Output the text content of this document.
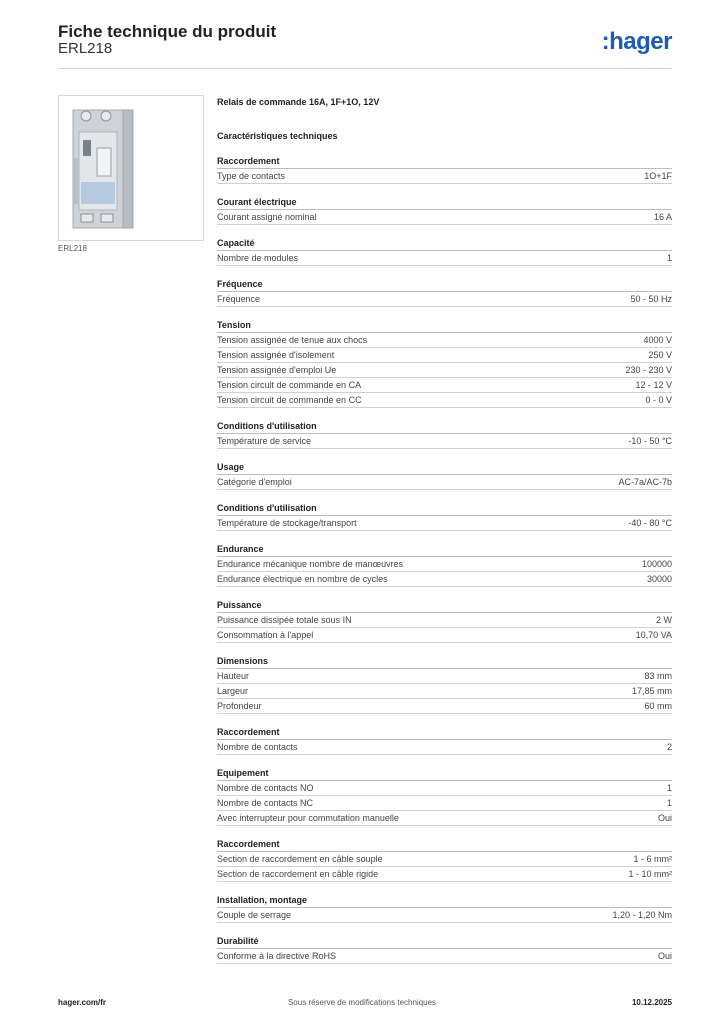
Fiche technique du produit
ERL218	:hager
ERL218
Relais de commande 16A, 1F+1O, 12V
Caractéristiques techniques
Raccordement
Type de contacts	1O+1F
Courant électrique
Courant assigné nominal	16 A
Capacité
Nombre de modules	1
Fréquence
Fréquence	50 - 50 Hz
Tension
Tension assignée de tenue aux chocs	4000 V
Tension assignée d'isolement	250 V
Tension assignée d'emploi Ue	230 - 230 V
Tension circuit de commande en CA	12 - 12 V
Tension circuit de commande en CC	0 - 0 V
Conditions d'utilisation
Température de service	-10 - 50 °C
Usage
Catégorie d'emploi	AC-7a/AC-7b
Conditions d'utilisation
Température de stockage/transport	-40 - 80 °C
Endurance
Endurance mécanique nombre de manœuvres	100000
Endurance électrique en nombre de cycles	30000
Puissance
Puissance dissipée totale sous IN	2 W
Consommation à l'appel	10,70 VA
Dimensions
Hauteur	83 mm
Largeur	17,85 mm
Profondeur	60 mm
Raccordement
Nombre de contacts	2
Equipement
Nombre de contacts NO	1
Nombre de contacts NC	1
Avec interrupteur pour commutation manuelle	Oui
Raccordement
Section de raccordement en câble souple	1 - 6 mm²
Section de raccordement en câble rigide	1 - 10 mm²
Installation, montage
Couple de serrage	1,20 - 1,20 Nm
Durabilité
Conforme à la directive RoHS	Oui
hager.com/fr	Sous réserve de modifications techniques	10.12.2025
